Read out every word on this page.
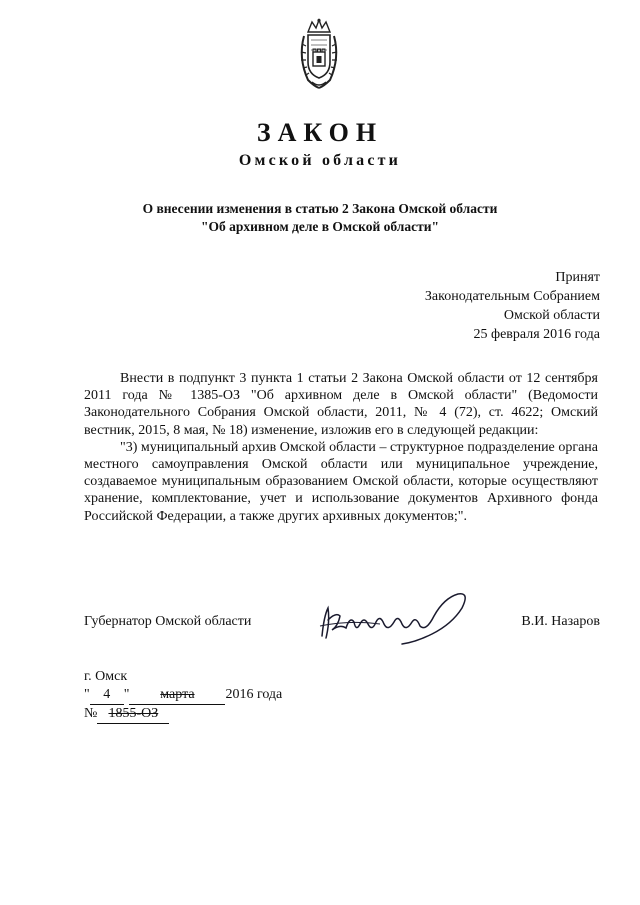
ЗАКОН
Омской области
О внесении изменения в статью 2 Закона Омской области
"Об архивном деле в Омской области"
Принят
Законодательным Собранием
Омской области
25 февраля 2016 года

Внести в подпункт 3 пункта 1 статьи 2 Закона Омской области от 12 сентября 2011 года № 1385-ОЗ "Об архивном деле в Омской области" (Ведомости Законодательного Собрания Омской области, 2011, № 4 (72), ст. 4622; Омский вестник, 2015, 8 мая, № 18) изменение, изложив его в следующей редакции:

"3) муниципальный архив Омской области – структурное подразделение органа местного самоуправления Омской области или муниципальное учреждение, создаваемое муниципальным образованием Омской области, которые осуществляют хранение, комплектование, учет и использование документов Архивного фонда Российской Федерации, а также других архивных документов;".

Губернатор Омской области	В.И. Назаров
г. Омск
" 4 "	марта	2016 года
№ 1855-ОЗ
